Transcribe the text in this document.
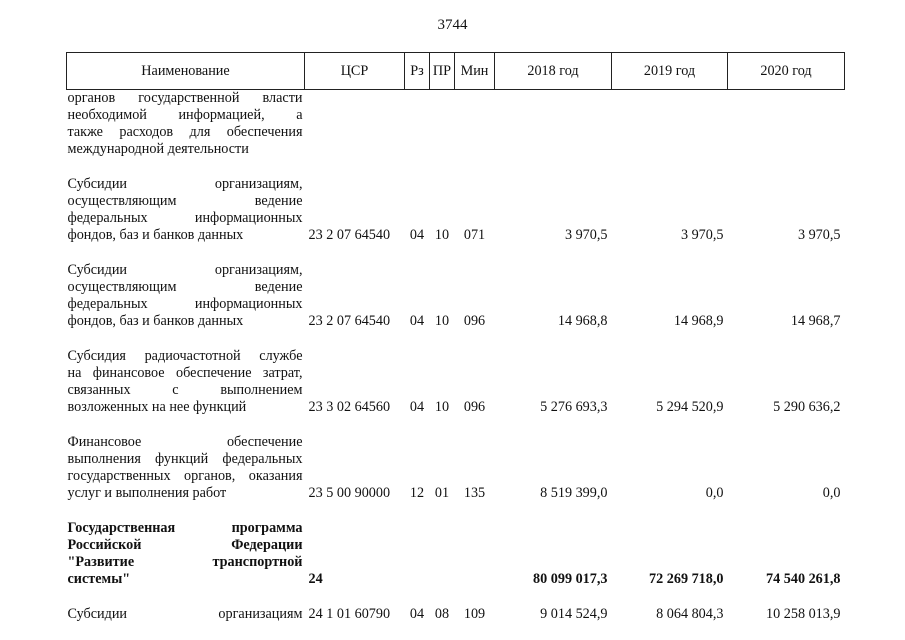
3744
Наименование	ЦСР	Рз	ПР	Мин	2018 год	2019 год	2020 год

органов государственной власти
необходимой информацией, а
также расходов для обеспечения
международной деятельности							

Субсидии организациям,
осуществляющим ведение
федеральных информационных
фондов, баз и банков данных	23 2 07 64540	04	10	071	3 970,5	3 970,5	3 970,5

Субсидии организациям,
осуществляющим ведение
федеральных информационных
фондов, баз и банков данных	23 2 07 64540	04	10	096	14 968,8	14 968,9	14 968,7

Субсидия радиочастотной службе
на финансовое обеспечение затрат,
связанных с выполнением
возложенных на нее функций	23 3 02 64560	04	10	096	5 276 693,3	5 294 520,9	5 290 636,2

Финансовое обеспечение
выполнения функций федеральных
государственных органов, оказания
услуг и выполнения работ	23 5 00 90000	12	01	135	8 519 399,0	0,0	0,0

Государственная программа
Российской Федерации
"Развитие транспортной
системы"	24				80 099 017,3	72 269 718,0	74 540 261,8

Субсидии организациям	24 1 01 60790	04	08	109	9 014 524,9	8 064 804,3	10 258 013,9
